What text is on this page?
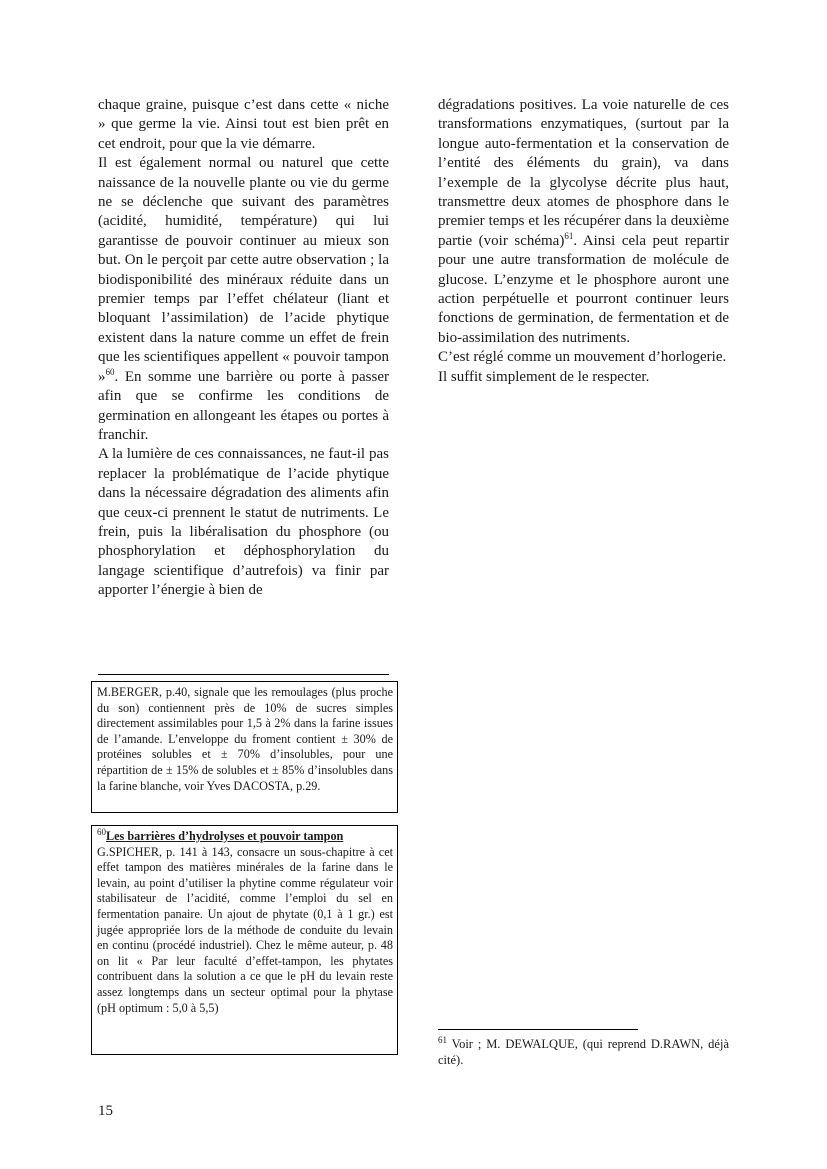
chaque graine, puisque c’est dans cette « niche » que germe la vie. Ainsi tout est bien prêt en cet endroit, pour que la vie démarre.

Il est également normal ou naturel que cette naissance de la nouvelle plante ou vie du germe ne se déclenche que suivant des paramètres (acidité, humidité, température) qui lui garantisse de pouvoir continuer au mieux son but. On le perçoit par cette autre observation ; la biodisponibilité des minéraux réduite dans un premier temps par l’effet chélateur (liant et bloquant l’assimilation) de l’acide phytique existent dans la nature comme un effet de frein que les scientifiques appellent « pouvoir tampon »$^{60}$. En somme une barrière ou porte à passer afin que se confirme les conditions de germination en allongeant les étapes ou portes à franchir.

A la lumière de ces connaissances, ne faut-il pas replacer la problématique de l’acide phytique dans la nécessaire dégradation des aliments afin que ceux-ci prennent le statut de nutriments. Le frein, puis la libéralisation du phosphore (ou phosphorylation et déphosphorylation du langage scientifique d’autrefois) va finir par apporter l’énergie à bien de

dégradations positives. La voie naturelle de ces transformations enzymatiques, (surtout par la longue auto-fermentation et la conservation de l’entité des éléments du grain), va dans l’exemple de la glycolyse décrite plus haut, transmettre deux atomes de phosphore dans le premier temps et les récupérer dans la deuxième partie (voir schéma)$^{61}$. Ainsi cela peut repartir pour une autre transformation de molécule de glucose. L’enzyme et le phosphore auront une action perpétuelle et pourront continuer leurs fonctions de germination, de fermentation et de bio-assimilation des nutriments.

C’est réglé comme un mouvement d’horlogerie.

Il suffit simplement de le respecter.

M.BERGER, p.40, signale que les remoulages (plus proche du son) contiennent près de 10% de sucres simples directement assimilables pour 1,5 à 2% dans la farine issues de l’amande. L’enveloppe du froment contient ± 30% de protéines solubles et ± 70% d’insolubles, pour une répartition de ± 15% de solubles et ± 85% d’insolubles dans la farine blanche, voir Yves DACOSTA, p.29.
$^{60}$Les barrières d’hydrolyses et pouvoir tampon
G.SPICHER, p. 141 à 143, consacre un sous-chapitre à cet effet tampon des matières minérales de la farine dans le levain, au point d’utiliser la phytine comme régulateur voir stabilisateur de l’acidité, comme l’emploi du sel en fermentation panaire. Un ajout de phytate (0,1 à 1 gr.) est jugée appropriée lors de la méthode de conduite du levain en continu (procédé industriel). Chez le même auteur, p. 48 on lit « Par leur faculté d’effet-tampon, les phytates contribuent dans la solution a ce que le pH du levain reste assez longtemps dans un secteur optimal pour la phytase (pH optimum : 5,0 à 5,5)
$^{61}$ Voir ; M. DEWALQUE, (qui reprend D.RAWN, déjà cité).
15
